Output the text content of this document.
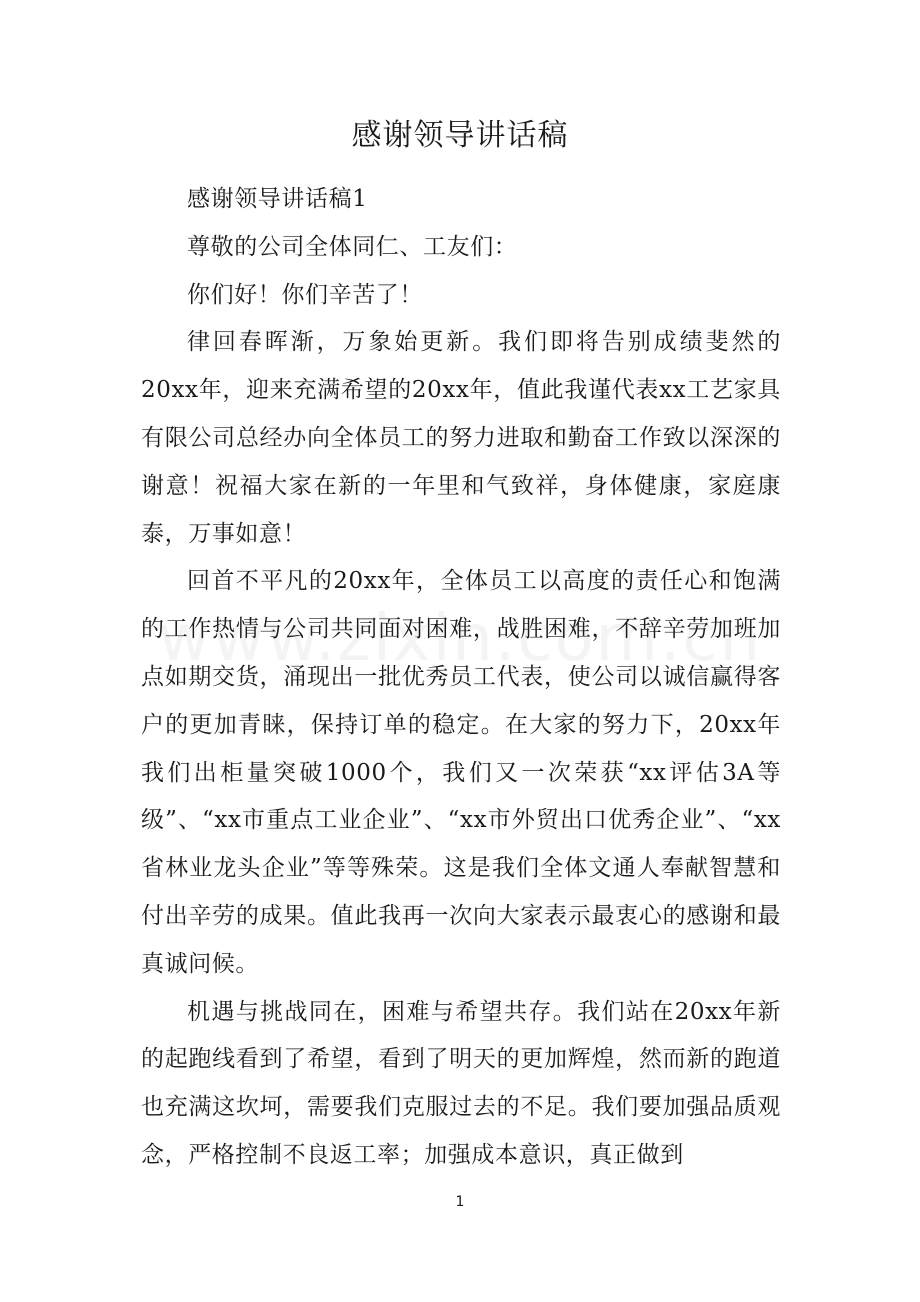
感谢领导讲话稿

感谢领导讲话稿1

尊敬的公司全体同仁、工友们：

你们好！你们辛苦了！

律回春晖渐，万象始更新。我们即将告别成绩斐然的20xx年，迎来充满希望的20xx年，值此我谨代表xx工艺家具有限公司总经办向全体员工的努力进取和勤奋工作致以深深的谢意！祝福大家在新的一年里和气致祥，身体健康，家庭康泰，万事如意！

回首不平凡的20xx年，全体员工以高度的责任心和饱满的工作热情与公司共同面对困难，战胜困难，不辞辛劳加班加点如期交货，涌现出一批优秀员工代表，使公司以诚信赢得客户的更加青睐，保持订单的稳定。在大家的努力下，20xx年我们出柜量突破1000个，我们又一次荣获“xx评估3A等级”、“xx市重点工业企业”、“xx市外贸出口优秀企业”、“xx省林业龙头企业”等等殊荣。这是我们全体文通人奉献智慧和付出辛劳的成果。值此我再一次向大家表示最衷心的感谢和最真诚问候。

机遇与挑战同在，困难与希望共存。我们站在20xx年新的起跑线看到了希望，看到了明天的更加辉煌，然而新的跑道也充满这坎坷，需要我们克服过去的不足。我们要加强品质观念，严格控制不良返工率；加强成本意识，真正做到

1
